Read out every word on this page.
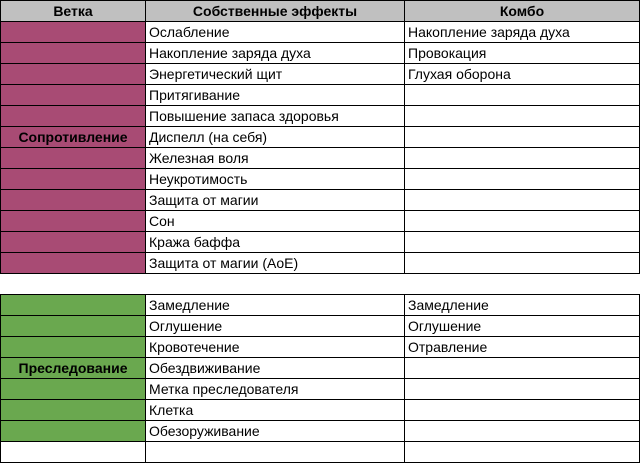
Ветка	Собственные эффекты	Комбо
	Ослабление	Накопление заряда духа
	Накопление заряда духа	Провокация
	Энергетический щит	Глухая оборона
	Притягивание	
	Повышение запаса здоровья	
Сопротивление	Диспелл (на себя)	
	Железная воля	
	Неукротимость	
	Защита от магии	
	Сон	
	Кража баффа	
	Защита от магии (АоЕ)	

	Замедление	Замедление
	Оглушение	Оглушение
	Кровотечение	Отравление
Преследование	Обездвиживание	
	Метка преследователя	
	Клетка	
	Обезоруживание	
